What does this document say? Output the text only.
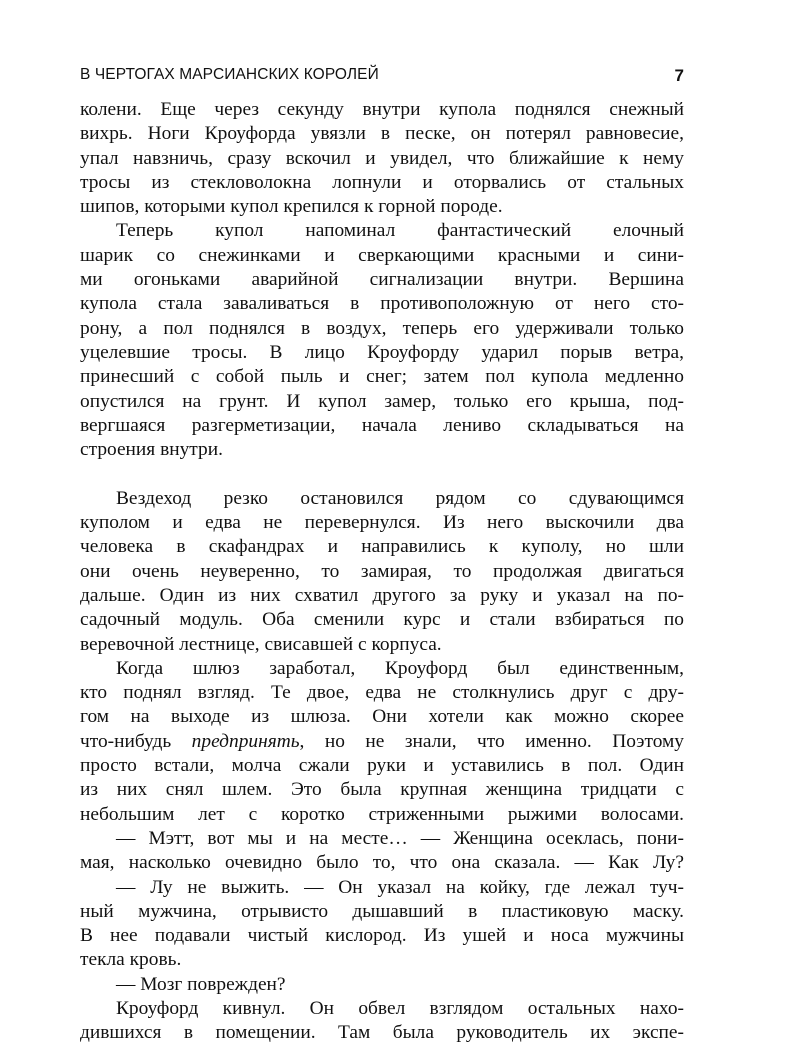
В ЧЕРТОГАХ МАРСИАНСКИХ КОРОЛЕЙ	7
колени. Еще через секунду внутри купола поднялся снежный
вихрь. Ноги Кроуфорда увязли в песке, он потерял равновесие,
упал навзничь, сразу вскочил и увидел, что ближайшие к нему
тросы из стекловолокна лопнули и оторвались от стальных
шипов, которыми купол крепился к горной породе.
Теперь купол напоминал фантастический елочный
шарик со снежинками и сверкающими красными и сини-
ми огоньками аварийной сигнализации внутри. Вершина
купола стала заваливаться в противоположную от него сто-
рону, а пол поднялся в воздух, теперь его удерживали только
уцелевшие тросы. В лицо Кроуфорду ударил порыв ветра,
принесший с собой пыль и снег; затем пол купола медленно
опустился на грунт. И купол замер, только его крыша, под-
вергшаяся разгерметизации, начала лениво складываться на
строения внутри.
Вездеход резко остановился рядом со сдувающимся
куполом и едва не перевернулся. Из него выскочили два
человека в скафандрах и направились к куполу, но шли
они очень неуверенно, то замирая, то продолжая двигаться
дальше. Один из них схватил другого за руку и указал на по-
садочный модуль. Оба сменили курс и стали взбираться по
веревочной лестнице, свисавшей с корпуса.
Когда шлюз заработал, Кроуфорд был единственным,
кто поднял взгляд. Те двое, едва не столкнулись друг с дру-
гом на выходе из шлюза. Они хотели как можно скорее
что-нибудь предпринять, но не знали, что именно. Поэтому
просто встали, молча сжали руки и уставились в пол. Один
из них снял шлем. Это была крупная женщина тридцати с
небольшим лет с коротко стриженными рыжими волосами.
— Мэтт, вот мы и на месте… — Женщина осеклась, пони-
мая, насколько очевидно было то, что она сказала. — Как Лу?
— Лу не выжить. — Он указал на койку, где лежал туч-
ный мужчина, отрывисто дышавший в пластиковую маску.
В нее подавали чистый кислород. Из ушей и носа мужчины
текла кровь.
— Мозг поврежден?
Кроуфорд кивнул. Он обвел взглядом остальных нахо-
дившихся в помещении. Там была руководитель их экспе-
